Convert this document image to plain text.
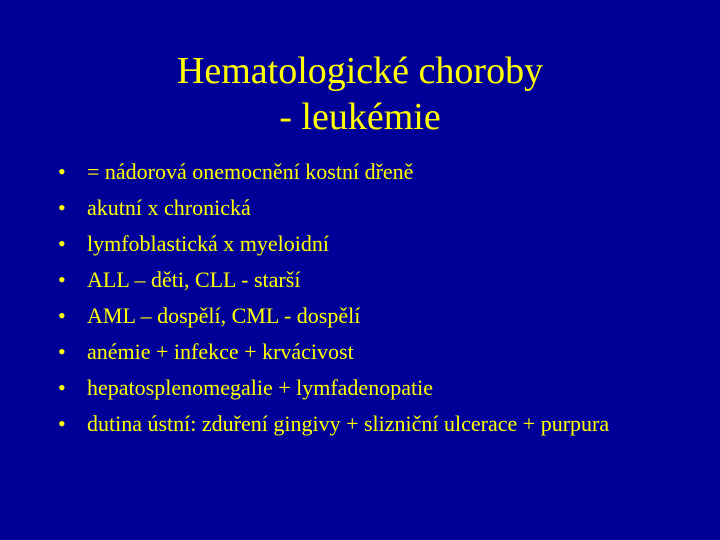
Hematologické choroby
- leukémie
• = nádorová onemocnění kostní dřeně
• akutní x chronická
• lymfoblastická x myeloidní
• ALL – děti, CLL - starší
• AML – dospělí, CML - dospělí
• anémie + infekce + krvácivost
• hepatosplenomegalie + lymfadenopatie
• dutina ústní: zduření gingivy + slizniční ulcerace + purpura
